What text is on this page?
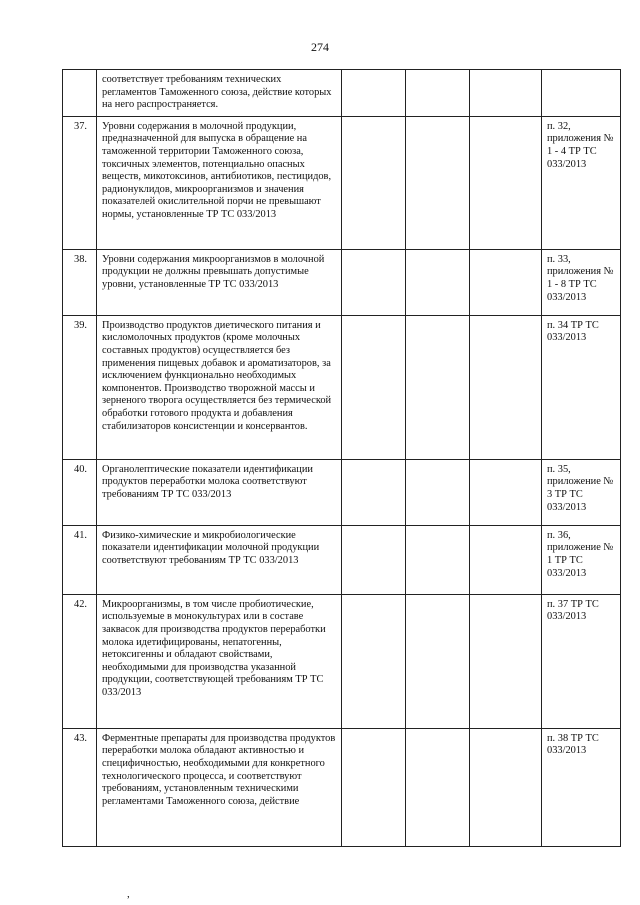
274
	соответствует требованиям технических регламентов Таможенного союза, действие которых на него распространяется.				
37.	Уровни содержания в молочной продукции, предназначенной для выпуска в обращение на таможенной территории Таможенного союза, токсичных элементов, потенциально опасных веществ, микотоксинов, антибиотиков, пестицидов, радионуклидов, микроорганизмов и значения показателей окислительной порчи не превышают нормы, установленные ТР ТС 033/2013				п. 32, приложения № 1 - 4 ТР ТС 033/2013
38.	Уровни содержания микроорганизмов в молочной продукции не должны превышать допустимые уровни, установленные ТР ТС 033/2013				п. 33, приложения № 1 - 8 ТР ТС 033/2013
39.	Производство продуктов диетического питания и кисломолочных продуктов (кроме молочных составных продуктов) осуществляется без применения пищевых добавок и ароматизаторов, за исключением функционально необходимых компонентов. Производство творожной массы и зерненого творога осуществляется без термической обработки готового продукта и добавления стабилизаторов консистенции и консервантов.				п. 34 ТР ТС 033/2013
40.	Органолептические показатели идентификации продуктов переработки молока соответствуют требованиям ТР ТС 033/2013				п. 35, приложение № 3 ТР ТС 033/2013
41.	Физико-химические и микробиологические показатели идентификации молочной продукции соответствуют требованиям ТР ТС 033/2013				п. 36, приложение № 1 ТР ТС 033/2013
42.	Микроорганизмы, в том числе пробиотические, используемые в монокультурах или в составе заквасок для производства продуктов переработки молока идетифицированы, непатогенны, нетоксигенны и обладают свойствами, необходимыми для производства указанной продукции, соответствующей требованиям ТР ТС 033/2013				п. 37 ТР ТС 033/2013
43.	Ферментные препараты для производства продуктов переработки молока обладают активностью и специфичностью, необходимыми для конкретного технологического процесса, и соответствуют требованиям, установленным техническими регламентами Таможенного союза, действие				п. 38 ТР ТС 033/2013
,
